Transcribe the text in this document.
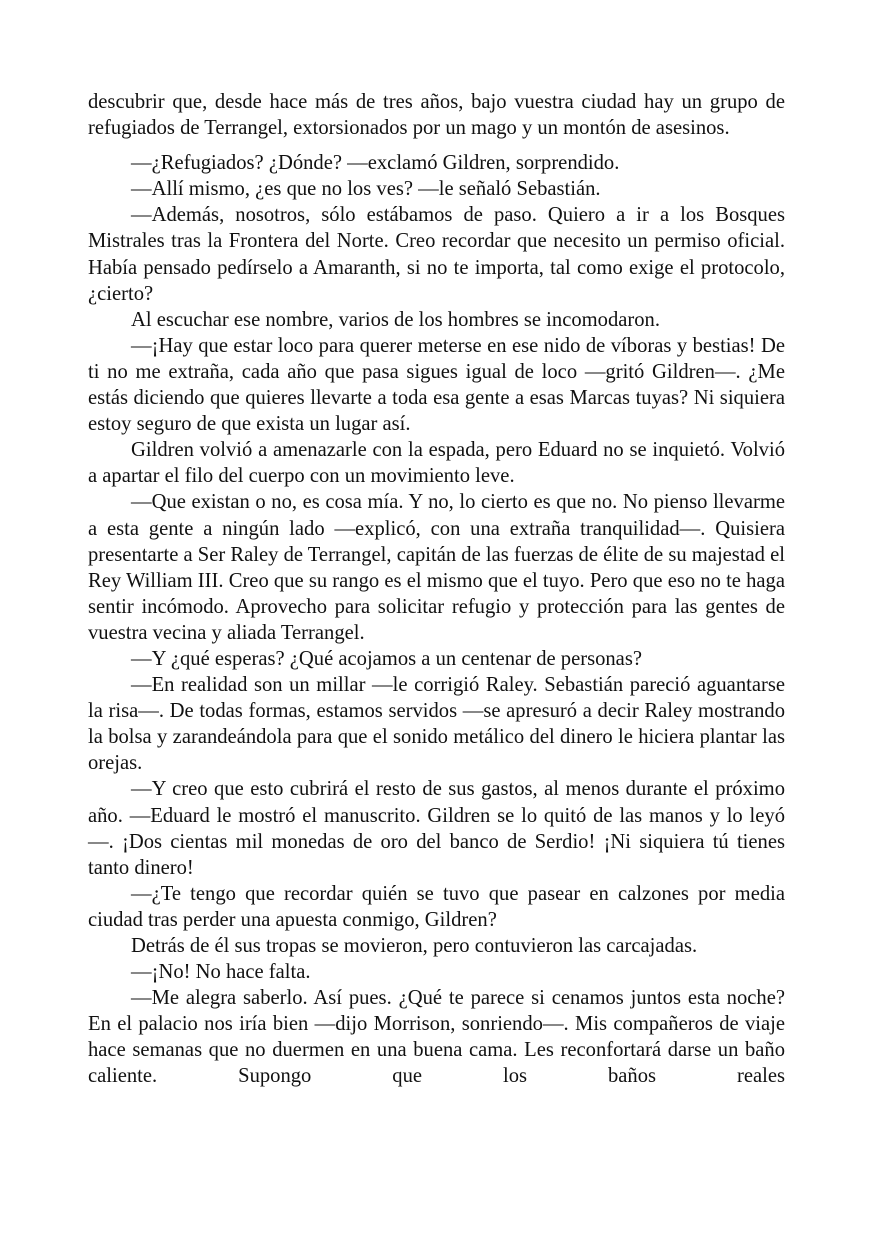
descubrir que, desde hace más de tres años, bajo vuestra ciudad hay un grupo de refugiados de Terrangel, extorsionados por un mago y un montón de asesinos.

—¿Refugiados? ¿Dónde? —exclamó Gildren, sorprendido.

—Allí mismo, ¿es que no los ves? —le señaló Sebastián.

—Además, nosotros, sólo estábamos de paso. Quiero a ir a los Bosques Mistrales tras la Frontera del Norte. Creo recordar que necesito un permiso oficial. Había pensado pedírselo a Amaranth, si no te importa, tal como exige el protocolo, ¿cierto?

Al escuchar ese nombre, varios de los hombres se incomodaron.

—¡Hay que estar loco para querer meterse en ese nido de víboras y bestias! De ti no me extraña, cada año que pasa sigues igual de loco —gritó Gildren—. ¿Me estás diciendo que quieres llevarte a toda esa gente a esas Marcas tuyas? Ni siquiera estoy seguro de que exista un lugar así.

Gildren volvió a amenazarle con la espada, pero Eduard no se inquietó. Volvió a apartar el filo del cuerpo con un movimiento leve.

—Que existan o no, es cosa mía. Y no, lo cierto es que no. No pienso llevarme a esta gente a ningún lado —explicó, con una extraña tranquilidad—. Quisiera presentarte a Ser Raley de Terrangel, capitán de las fuerzas de élite de su majestad el Rey William III. Creo que su rango es el mismo que el tuyo. Pero que eso no te haga sentir incómodo. Aprovecho para solicitar refugio y protección para las gentes de vuestra vecina y aliada Terrangel.

—Y ¿qué esperas? ¿Qué acojamos a un centenar de personas?

—En realidad son un millar —le corrigió Raley. Sebastián pareció aguantarse la risa—. De todas formas, estamos servidos —se apresuró a decir Raley mostrando la bolsa y zarandeándola para que el sonido metálico del dinero le hiciera plantar las orejas.

—Y creo que esto cubrirá el resto de sus gastos, al menos durante el próximo año. —Eduard le mostró el manuscrito. Gildren se lo quitó de las manos y lo leyó—. ¡Dos cientas mil monedas de oro del banco de Serdio! ¡Ni siquiera tú tienes tanto dinero!

—¿Te tengo que recordar quién se tuvo que pasear en calzones por media ciudad tras perder una apuesta conmigo, Gildren?

Detrás de él sus tropas se movieron, pero contuvieron las carcajadas.

—¡No! No hace falta.

—Me alegra saberlo. Así pues. ¿Qué te parece si cenamos juntos esta noche? En el palacio nos iría bien —dijo Morrison, sonriendo—. Mis compañeros de viaje hace semanas que no duermen en una buena cama. Les reconfortará darse un baño caliente. Supongo que los baños reales
